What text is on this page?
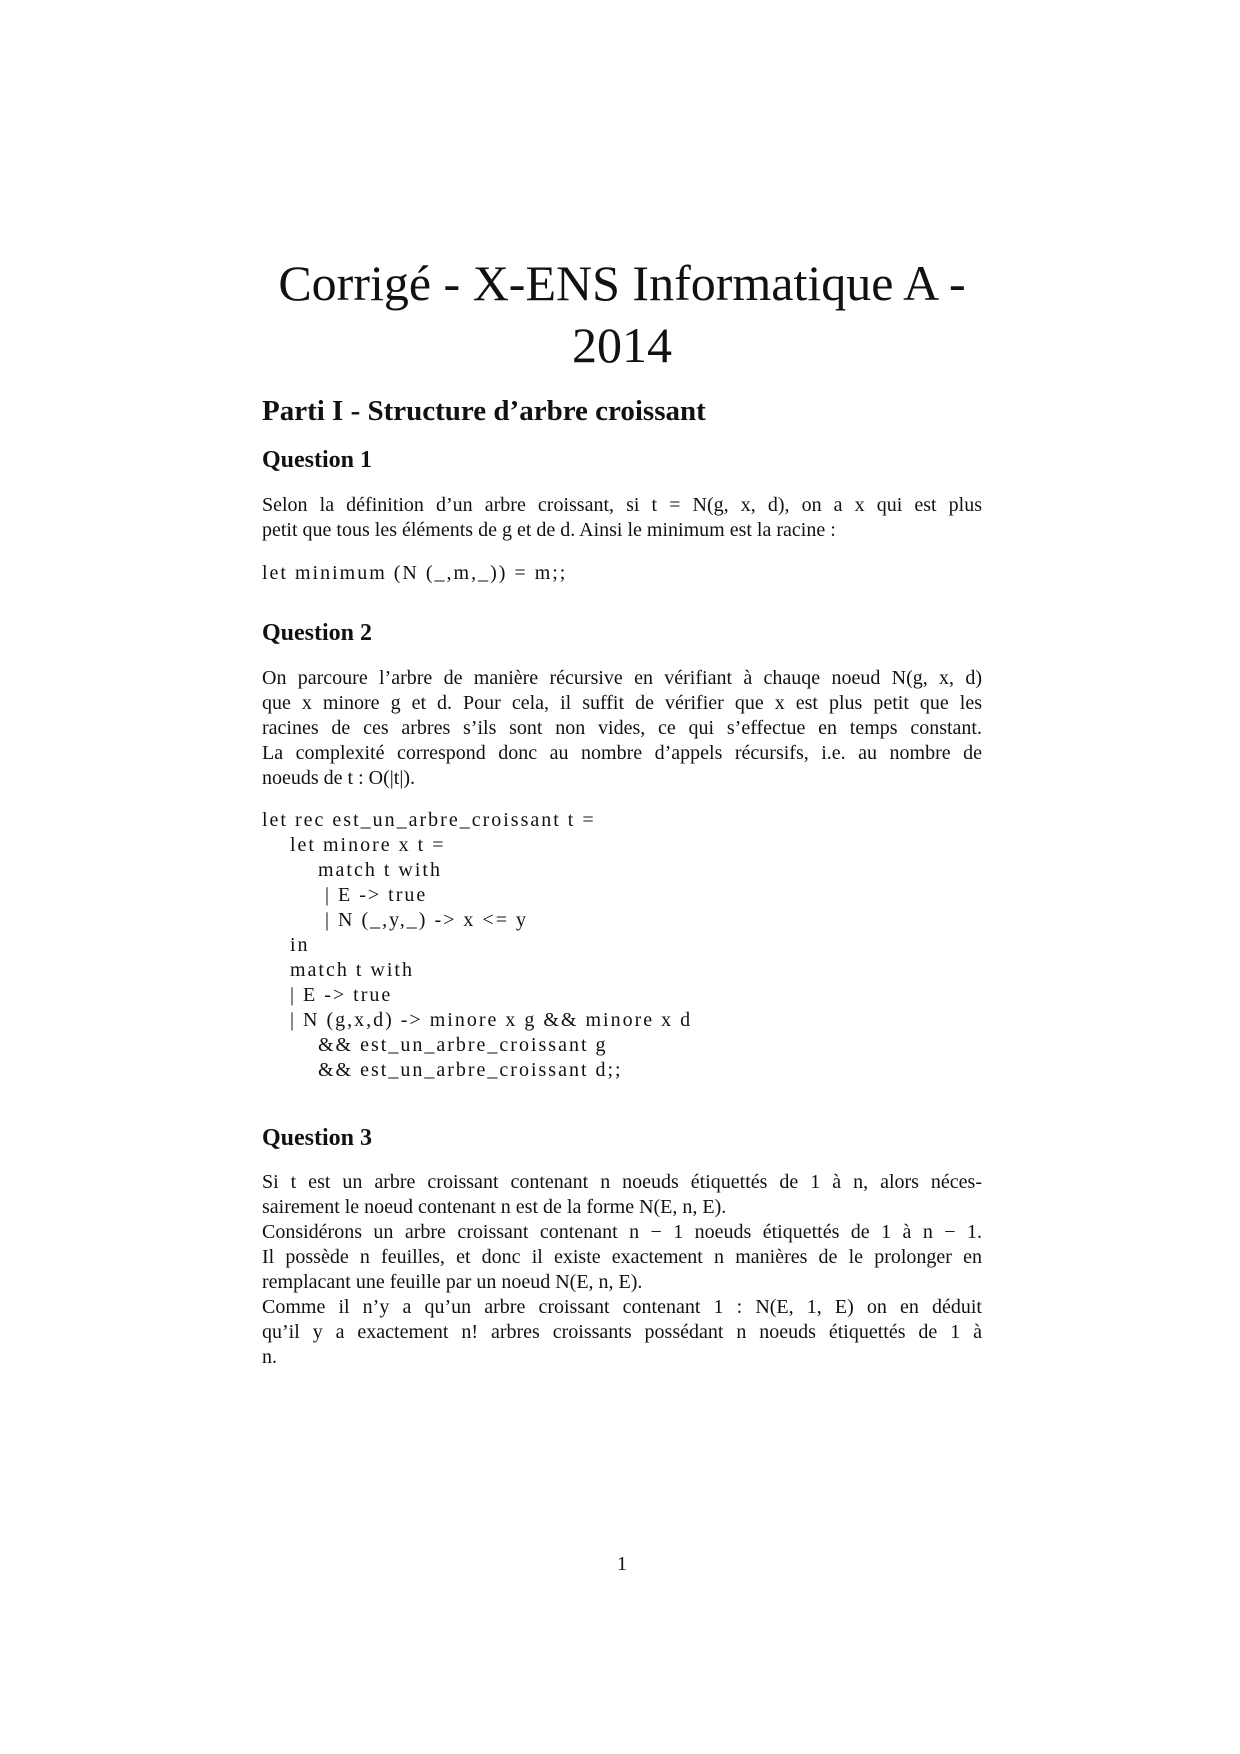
Corrigé - X-ENS Informatique A - 2014
Parti I - Structure d’arbre croissant
Question 1

Selon la définition d’un arbre croissant, si t = N(g, x, d), on a x qui est plus
petit que tous les éléments de g et de d. Ainsi le minimum est la racine :

let minimum (N (_,m,_)) = m;;
Question 2

On parcoure l’arbre de manière récursive en vérifiant à chauqe noeud N(g, x, d)
que x minore g et d. Pour cela, il suffit de vérifier que x est plus petit que les
racines de ces arbres s’ils sont non vides, ce qui s’effectue en temps constant.
La complexité correspond donc au nombre d’appels récursifs, i.e. au nombre de
noeuds de t : O(|t|).

let rec est_un_arbre_croissant t =
let minore x t =
match t with
| E -> true
| N (_,y,_) -> x <= y
in
match t with
| E -> true
| N (g,x,d) -> minore x g && minore x d
&& est_un_arbre_croissant g
&& est_un_arbre_croissant d;;
Question 3

Si t est un arbre croissant contenant n noeuds étiquettés de 1 à n, alors néces-
sairement le noeud contenant n est de la forme N(E, n, E).
Considérons un arbre croissant contenant n − 1 noeuds étiquettés de 1 à n − 1.
Il possède n feuilles, et donc il existe exactement n manières de le prolonger en
remplacant une feuille par un noeud N(E, n, E).
Comme il n’y a qu’un arbre croissant contenant 1 : N(E, 1, E) on en déduit
qu’il y a exactement n! arbres croissants possédant n noeuds étiquettés de 1 à
n.

1
